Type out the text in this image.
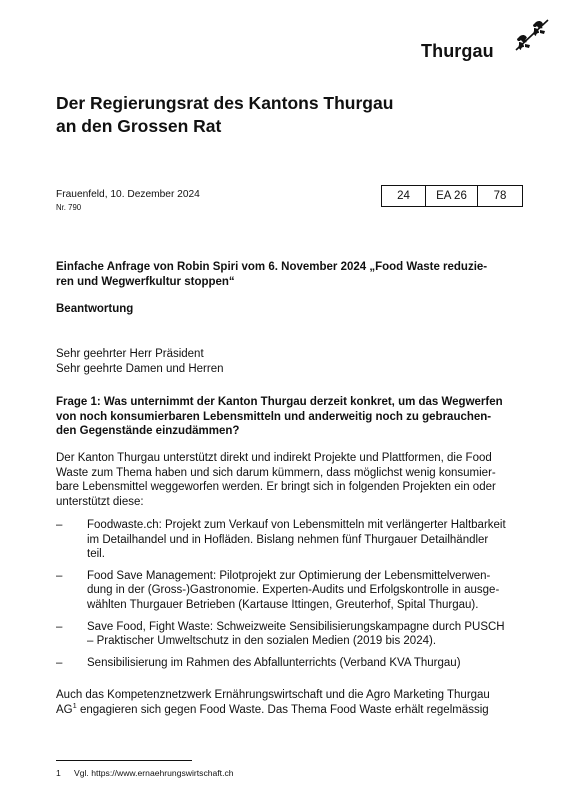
Thurgau
Der Regierungsrat des Kantons Thurgau
an den Grossen Rat
Frauenfeld, 10. Dezember 2024
Nr. 790
24	EA 26	78
Einfache Anfrage von Robin Spiri vom 6. November 2024 „Food Waste reduzie-
ren und Wegwerfkultur stoppen“
Beantwortung
Sehr geehrter Herr Präsident
Sehr geehrte Damen und Herren
Frage 1: Was unternimmt der Kanton Thurgau derzeit konkret, um das Wegwerfen
von noch konsumierbaren Lebensmitteln und anderweitig noch zu gebrauchen-
den Gegenstände einzudämmen?
Der Kanton Thurgau unterstützt direkt und indirekt Projekte und Plattformen, die Food
Waste zum Thema haben und sich darum kümmern, dass möglichst wenig konsumier-
bare Lebensmittel weggeworfen werden. Er bringt sich in folgenden Projekten ein oder
unterstützt diese:
– Foodwaste.ch: Projekt zum Verkauf von Lebensmitteln mit verlängerter Haltbarkeit
im Detailhandel und in Hofläden. Bislang nehmen fünf Thurgauer Detailhändler
teil.
– Food Save Management: Pilotprojekt zur Optimierung der Lebensmittelverwen-
dung in der (Gross-)Gastronomie. Experten-Audits und Erfolgskontrolle in ausge-
wählten Thurgauer Betrieben (Kartause Ittingen, Greuterhof, Spital Thurgau).
– Save Food, Fight Waste: Schweizweite Sensibilisierungskampagne durch PUSCH
– Praktischer Umweltschutz in den sozialen Medien (2019 bis 2024).
– Sensibilisierung im Rahmen des Abfallunterrichts (Verband KVA Thurgau)
Auch das Kompetenznetzwerk Ernährungswirtschaft und die Agro Marketing Thurgau
$AG^1$ engagieren sich gegen Food Waste. Das Thema Food Waste erhält regelmässig
1 Vgl. https://www.ernaehrungswirtschaft.ch
